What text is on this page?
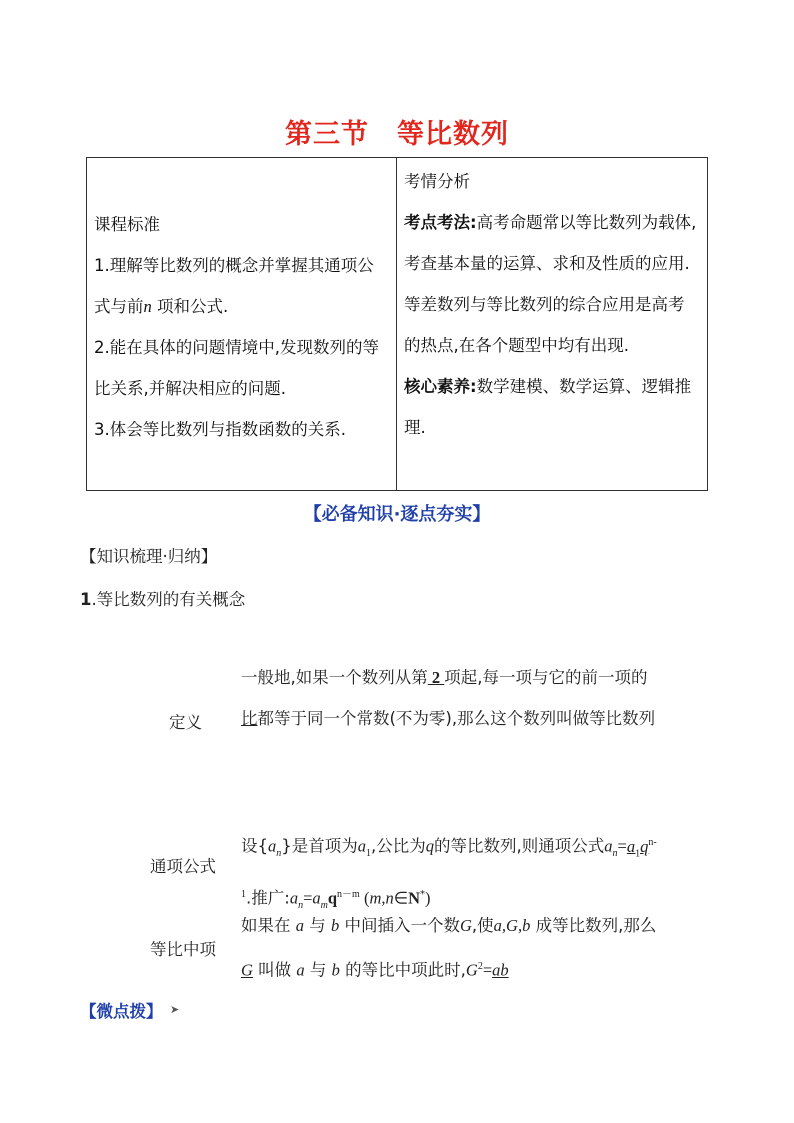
第三节　等比数列
课程标准
1.理解等比数列的概念并掌握其通项公式与前n 项和公式.
2.能在具体的问题情境中,发现数列的等比关系,并解决相应的问题.
3.体会等比数列与指数函数的关系.

考情分析
考点考法:高考命题常以等比数列为载体,考查基本量的运算、求和及性质的应用.等差数列与等比数列的综合应用是高考的热点,在各个题型中均有出现.
核心素养:数学建模、数学运算、逻辑推理.
【必备知识·逐点夯实】
【知识梳理·归纳】
1.等比数列的有关概念
定义
一般地,如果一个数列从第 2 项起,每一项与它的前一项的比都等于同一个常数(不为零),那么这个数列叫做等比数列
通项公式
设$\{a_n\}$是首项为$a_1$,公比为q的等比数列,则通项公式$a_n=a_1q^{n-1}$.推广$:a_n=a_mq^{n-m}$ (m,n∈N*)
等比中项
如果在 a 与 b 中间插入一个数G,使a,G,b 成等比数列,那么 G 叫做 a 与 b 的等比中项此时$,G^2=ab$
【微点拨】 ➤
